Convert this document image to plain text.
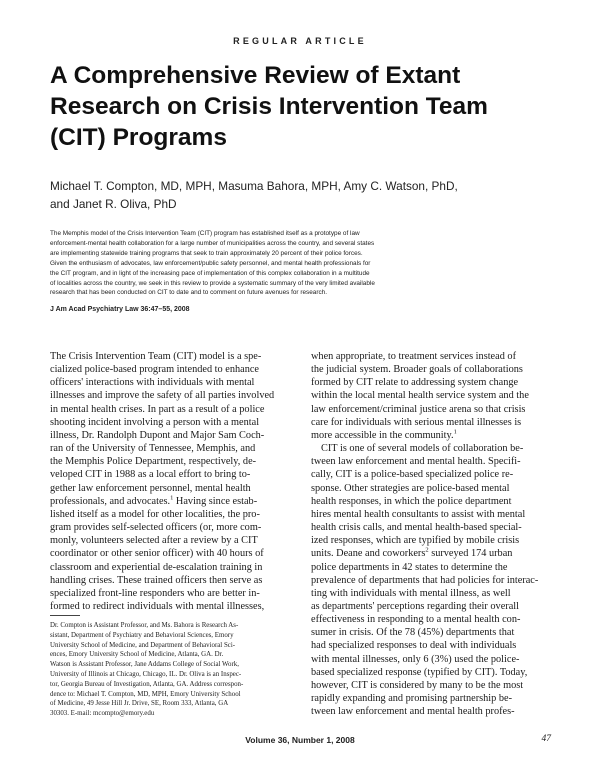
REGULAR ARTICLE
A Comprehensive Review of Extant
Research on Crisis Intervention Team
(CIT) Programs
Michael T. Compton, MD, MPH, Masuma Bahora, MPH, Amy C. Watson, PhD,
and Janet R. Oliva, PhD
The Memphis model of the Crisis Intervention Team (CIT) program has established itself as a prototype of law
enforcement-mental health collaboration for a large number of municipalities across the country, and several states
are implementing statewide training programs that seek to train approximately 20 percent of their police forces.
Given the enthusiasm of advocates, law enforcement/public safety personnel, and mental health professionals for
the CIT program, and in light of the increasing pace of implementation of this complex collaboration in a multitude
of localities across the country, we seek in this review to provide a systematic summary of the very limited available
research that has been conducted on CIT to date and to comment on future avenues for research.
J Am Acad Psychiatry Law 36:47–55, 2008
The Crisis Intervention Team (CIT) model is a spe-
cialized police-based program intended to enhance
officers' interactions with individuals with mental
illnesses and improve the safety of all parties involved
in mental health crises. In part as a result of a police
shooting incident involving a person with a mental
illness, Dr. Randolph Dupont and Major Sam Coch-
ran of the University of Tennessee, Memphis, and
the Memphis Police Department, respectively, de-
veloped CIT in 1988 as a local effort to bring to-
gether law enforcement personnel, mental health
professionals, and advocates.$^1$ Having since estab-
lished itself as a model for other localities, the pro-
gram provides self-selected officers (or, more com-
monly, volunteers selected after a review by a CIT
coordinator or other senior officer) with 40 hours of
classroom and experiential de-escalation training in
handling crises. These trained officers then serve as
specialized front-line responders who are better in-
formed to redirect individuals with mental illnesses,
Dr. Compton is Assistant Professor, and Ms. Bahora is Research As-
sistant, Department of Psychiatry and Behavioral Sciences, Emory
University School of Medicine, and Department of Behavioral Sci-
ences, Emory University School of Medicine, Atlanta, GA. Dr.
Watson is Assistant Professor, Jane Addams College of Social Work,
University of Illinois at Chicago, Chicago, IL. Dr. Oliva is an Inspec-
tor, Georgia Bureau of Investigation, Atlanta, GA. Address correspon-
dence to: Michael T. Compton, MD, MPH, Emory University School
of Medicine, 49 Jesse Hill Jr. Drive, SE, Room 333, Atlanta, GA
30303. E-mail: mcompto@emory.edu
when appropriate, to treatment services instead of
the judicial system. Broader goals of collaborations
formed by CIT relate to addressing system change
within the local mental health service system and the
law enforcement/criminal justice arena so that crisis
care for individuals with serious mental illnesses is
more accessible in the community.$^1$
CIT is one of several models of collaboration be-
tween law enforcement and mental health. Specifi-
cally, CIT is a police-based specialized police re-
sponse. Other strategies are police-based mental
health responses, in which the police department
hires mental health consultants to assist with mental
health crisis calls, and mental health-based special-
ized responses, which are typified by mobile crisis
units. Deane and coworkers$^2$ surveyed 174 urban
police departments in 42 states to determine the
prevalence of departments that had policies for interac-
ting with individuals with mental illness, as well
as departments' perceptions regarding their overall
effectiveness in responding to a mental health con-
sumer in crisis. Of the 78 (45%) departments that
had specialized responses to deal with individuals
with mental illnesses, only 6 (3%) used the police-
based specialized response (typified by CIT). Today,
however, CIT is considered by many to be the most
rapidly expanding and promising partnership be-
tween law enforcement and mental health profes-
Volume 36, Number 1, 2008	47
